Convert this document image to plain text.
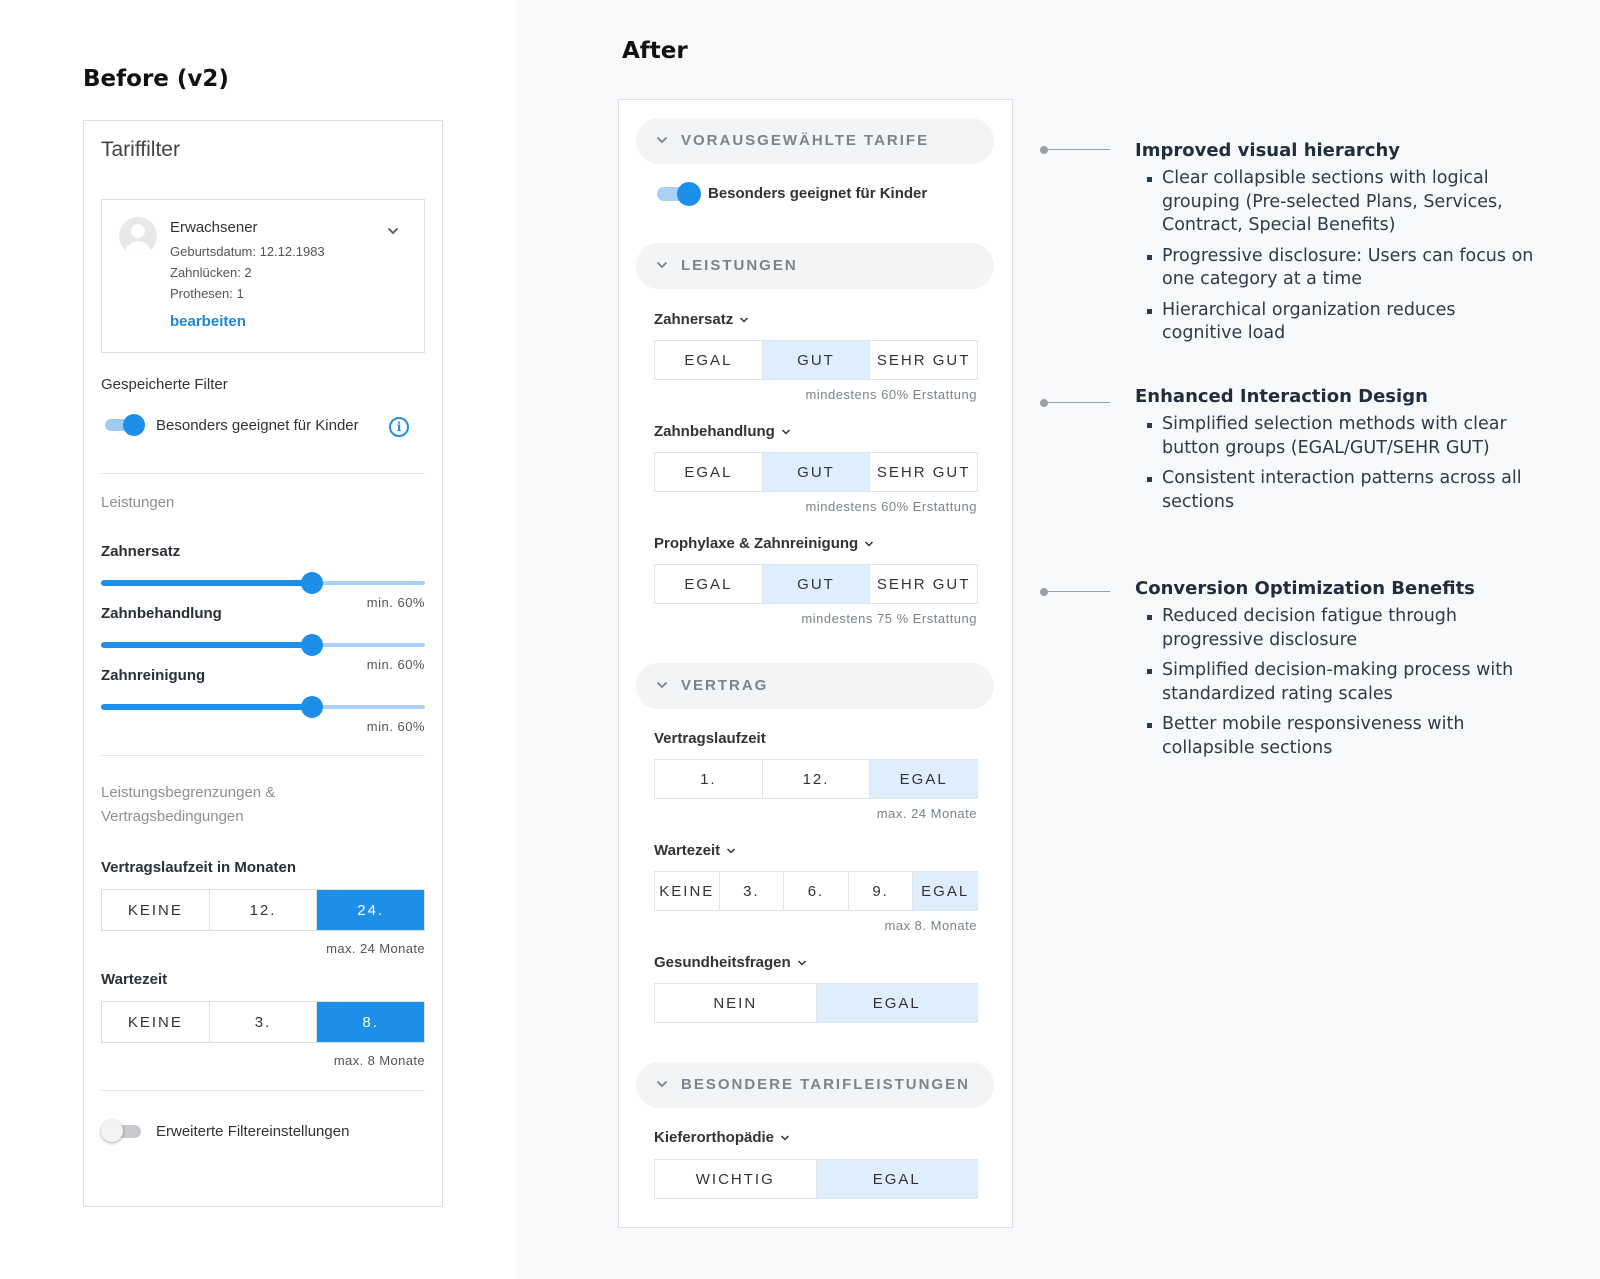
Before (v2)
Tariffilter
Erwachsener
Geburtsdatum: 12.12.1983
Zahnlücken: 2
Prothesen: 1
bearbeiten
Gespeicherte Filter
Besonders geeignet für Kinder	i
Leistungen
Zahnersatz
min. 60%
Zahnbehandlung
min. 60%
Zahnreinigung
min. 60%
Leistungsbegrenzungen &
Vertragsbedingungen
Vertragslaufzeit in Monaten
KEINE	12.	24.
max. 24 Monate
Wartezeit
KEINE	3.	8.
max. 8 Monate
Erweiterte Filtereinstellungen
After
VORAUSGEWÄHLTE TARIFE
Besonders geeignet für Kinder
LEISTUNGEN
Zahnersatz
EGAL	GUT	SEHR GUT
mindestens 60% Erstattung
Zahnbehandlung
EGAL	GUT	SEHR GUT
mindestens 60% Erstattung
Prophylaxe & Zahnreinigung
EGAL	GUT	SEHR GUT
mindestens 75 % Erstattung
VERTRAG
Vertragslaufzeit
1.	12.	EGAL
max. 24 Monate
Wartezeit
KEINE	3.	6.	9.	EGAL
max 8. Monate
Gesundheitsfragen
NEIN	EGAL
BESONDERE TARIFLEISTUNGEN
Kieferorthopädie
WICHTIG	EGAL
Improved visual hierarchy
Clear collapsible sections with logical grouping (Pre-selected Plans, Services, Contract, Special Benefits)
Progressive disclosure: Users can focus on one category at a time
Hierarchical organization reduces cognitive load
Enhanced Interaction Design
Simplified selection methods with clear button groups (EGAL/GUT/SEHR GUT)
Consistent interaction patterns across all sections
Conversion Optimization Benefits
Reduced decision fatigue through progressive disclosure
Simplified decision-making process with standardized rating scales
Better mobile responsiveness with collapsible sections
